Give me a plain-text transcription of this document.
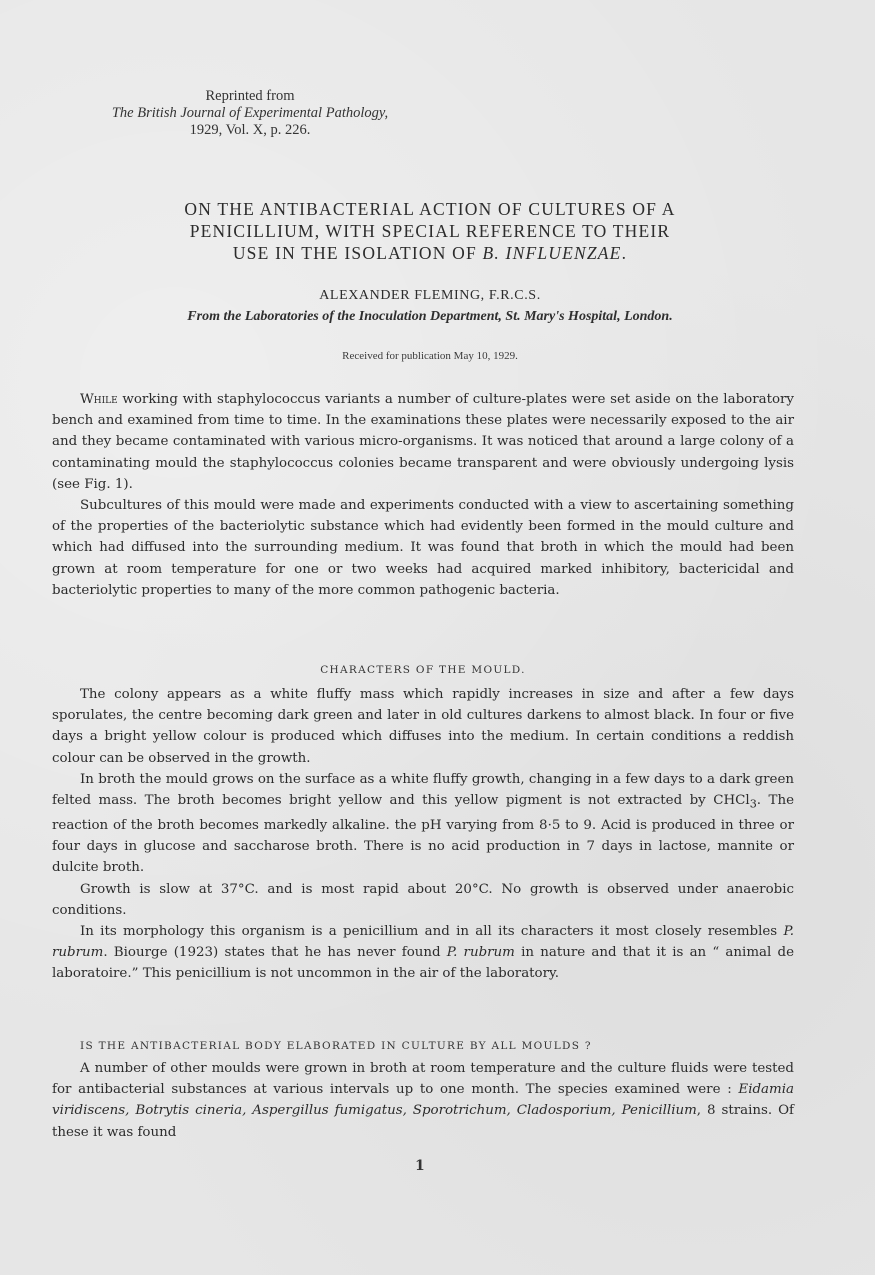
Reprinted from
The British Journal of Experimental Pathology,
1929, Vol. X, p. 226.
ON THE ANTIBACTERIAL ACTION OF CULTURES OF A
PENICILLIUM, WITH SPECIAL REFERENCE TO THEIR
USE IN THE ISOLATION OF B. INFLUENZAE.
ALEXANDER FLEMING, F.R.C.S.
From the Laboratories of the Inoculation Department, St. Mary's Hospital, London.
Received for publication May 10, 1929.

While working with staphylococcus variants a number of culture-plates were set aside on the laboratory bench and examined from time to time. In the examinations these plates were necessarily exposed to the air and they became contaminated with various micro-organisms. It was noticed that around a large colony of a contaminating mould the staphylococcus colonies became transparent and were obviously undergoing lysis (see Fig. 1).

Subcultures of this mould were made and experiments conducted with a view to ascertaining something of the properties of the bacteriolytic substance which had evidently been formed in the mould culture and which had diffused into the surrounding medium. It was found that broth in which the mould had been grown at room temperature for one or two weeks had acquired marked inhibitory, bactericidal and bacteriolytic properties to many of the more common pathogenic bacteria.

CHARACTERS OF THE MOULD.

The colony appears as a white fluffy mass which rapidly increases in size and after a few days sporulates, the centre becoming dark green and later in old cultures darkens to almost black. In four or five days a bright yellow colour is produced which diffuses into the medium. In certain conditions a reddish colour can be observed in the growth.

In broth the mould grows on the surface as a white fluffy growth, changing in a few days to a dark green felted mass. The broth becomes bright yellow and this yellow pigment is not extracted by CHCl$_3$. The reaction of the broth becomes markedly alkaline. the pH varying from 8·5 to 9. Acid is produced in three or four days in glucose and saccharose broth. There is no acid production in 7 days in lactose, mannite or dulcite broth.

Growth is slow at 37°C. and is most rapid about 20°C. No growth is observed under anaerobic conditions.

In its morphology this organism is a penicillium and in all its characters it most closely resembles P. rubrum. Biourge (1923) states that he has never found P. rubrum in nature and that it is an “ animal de laboratoire.” This penicillium is not uncommon in the air of the laboratory.

IS THE ANTIBACTERIAL BODY ELABORATED IN CULTURE BY ALL MOULDS ?

A number of other moulds were grown in broth at room temperature and the culture fluids were tested for antibacterial substances at various intervals up to one month. The species examined were : Eidamia viridiscens, Botrytis cineria, Aspergillus fumigatus, Sporotrichum, Cladosporium, Penicillium, 8 strains. Of these it was found

1
